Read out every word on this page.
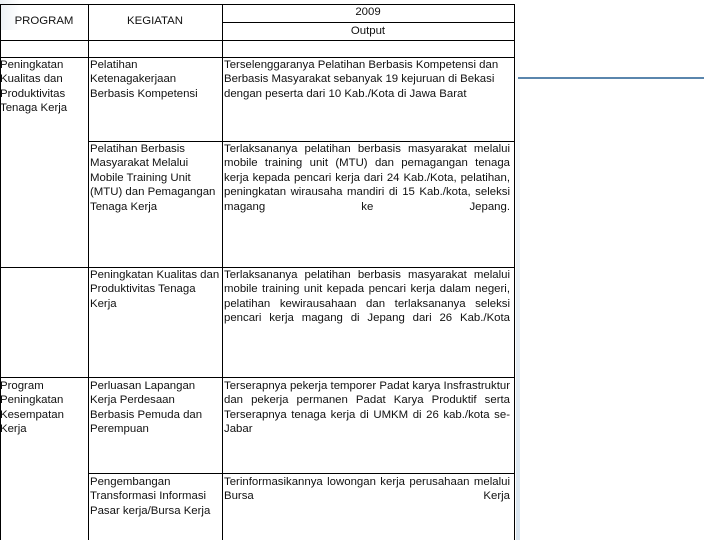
PROGRAM	KEGIATAN
2009
Output
Peningkatan Kualitas dan Produktivitas Tenaga Kerja
Pelatihan Ketenagakerjaan Berbasis Kompetensi
Terselenggaranya Pelatihan Berbasis Kompetensi dan Berbasis Masyarakat sebanyak 19 kejuruan di Bekasi dengan peserta dari 10 Kab./Kota di Jawa Barat
Pelatihan Berbasis Masyarakat Melalui Mobile Training Unit (MTU) dan Pemagangan Tenaga Kerja
Terlaksananya pelatihan berbasis masyarakat melalui mobile training unit (MTU) dan pemagangan tenaga kerja kepada pencari kerja dari 24 Kab./Kota, pelatihan, peningkatan wirausaha mandiri di 15 Kab./kota, seleksi magang ke Jepang.
Peningkatan Kualitas dan Produktivitas Tenaga Kerja
Terlaksananya pelatihan berbasis masyarakat melalui mobile training unit kepada pencari kerja dalam negeri, pelatihan kewirausahaan dan terlaksananya seleksi pencari kerja magang di Jepang dari 26 Kab./Kota
Program Peningkatan Kesempatan Kerja
Perluasan Lapangan Kerja Perdesaan Berbasis Pemuda dan Perempuan
Terserapnya pekerja temporer Padat karya Insfrastruktur dan pekerja permanen Padat Karya Produktif serta Terserapnya tenaga kerja di UMKM di 26 kab./kota se-Jabar
Pengembangan Transformasi Informasi Pasar kerja/Bursa Kerja
Terinformasikannya lowongan kerja perusahaan melalui Bursa Kerja
